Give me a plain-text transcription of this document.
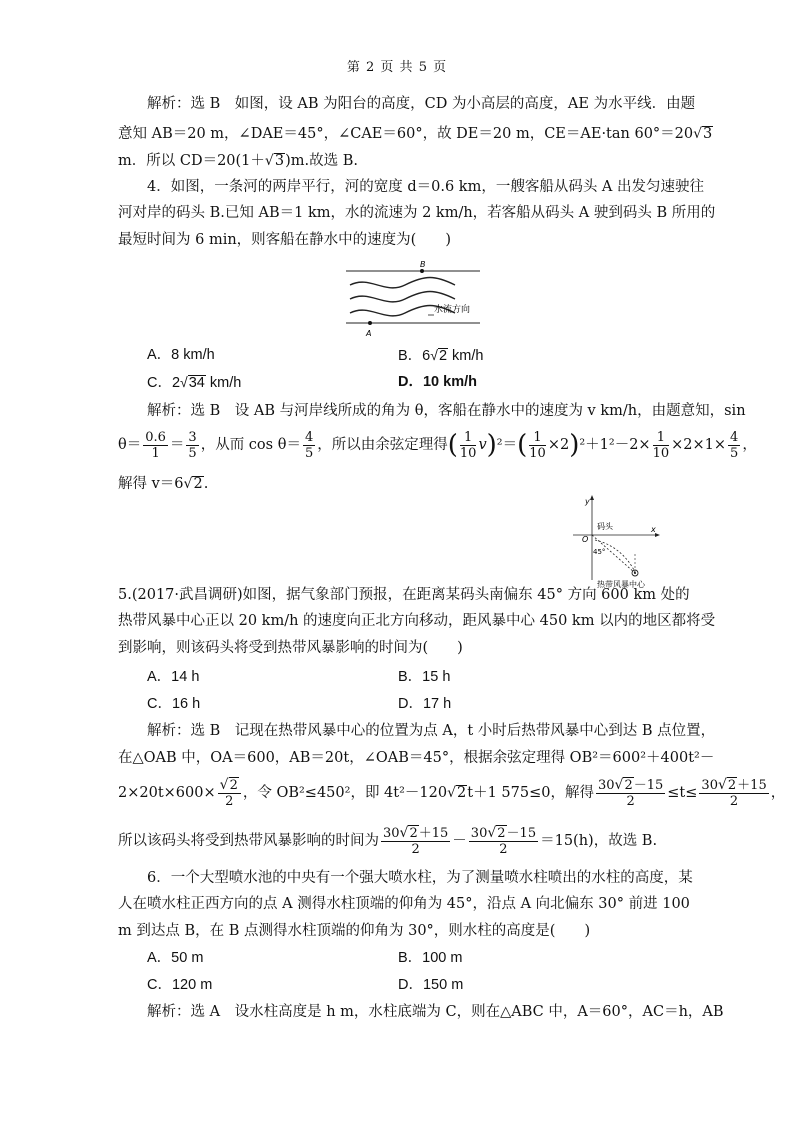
第 2 页 共 5 页
解析：选 B　如图，设 AB 为阳台的高度，CD 为小高层的高度，AE 为水平线．由题
意知 AB＝20 m，∠DAE＝45°，∠CAE＝60°，故 DE＝20 m，CE＝AE·tan 60°＝20√3
m．所以 CD＝20(1＋√3)m.故选 B.
4．如图，一条河的两岸平行，河的宽度 d＝0.6 km，一艘客船从码头 A 出发匀速驶往
河对岸的码头 B.已知 AB＝1 km，水的流速为 2 km/h，若客船从码头 A 驶到码头 B 所用的
最短时间为 6 min，则客船在静水中的速度为(　　)
B
A
水流方向
A．8 km/h	B．6√2 km/h
C．2√34 km/h	D．10 km/h
解析：选 B　设 AB 与河岸线所成的角为 θ，客船在静水中的速度为 v km/h，由题意知，sin
$\theta= \frac{0.6}{1} = \frac{3}{5}$ ，从而 $\cos \theta= \frac{4}{5}$ ，所以由余弦定理得( $\frac{1}{10} v)^2=( \frac{1}{10} \times 2)^2+1^2-2\times \frac{1}{10} \times 2\times 1\times \frac{4}{5}$ ，
解得 v＝6√2.
y
x
O
码头
45°
热带风暴中心
5.(2017·武昌调研)如图，据气象部门预报，在距离某码头南偏东 45° 方向 600 km 处的
热带风暴中心正以 20 km/h 的速度向正北方向移动，距风暴中心 450 km 以内的地区都将受
到影响，则该码头将受到热带风暴影响的时间为(　　)
A．14 h	B．15 h
C．16 h	D．17 h
解析：选 B　记现在热带风暴中心的位置为点 A，t 小时后热带风暴中心到达 B 点位置，
在△OAB 中，OA＝600，AB＝20t，∠OAB＝45°，根据余弦定理得 OB²＝600²＋400t²－
$2\times 20t\times 600\times \frac{√2}{2}$ ，令 OB²≤450²，即 4t²－120√2t＋1 575≤0，解得 $\frac{30√2-15}{2} \le t\le \frac{30√2+15}{2}$ ，
所以该码头将受到热带风暴影响的时间为 $\frac{30√2+15}{2} - \frac{30√2-15}{2} =15(h)$，故选 B.
6．一个大型喷水池的中央有一个强大喷水柱，为了测量喷水柱喷出的水柱的高度，某
人在喷水柱正西方向的点 A 测得水柱顶端的仰角为 45°，沿点 A 向北偏东 30° 前进 100
m 到达点 B，在 B 点测得水柱顶端的仰角为 30°，则水柱的高度是(　　)
A．50 m	B．100 m
C．120 m	D．150 m
解析：选 A　设水柱高度是 h m，水柱底端为 C，则在△ABC 中，A＝60°，AC＝h，AB
